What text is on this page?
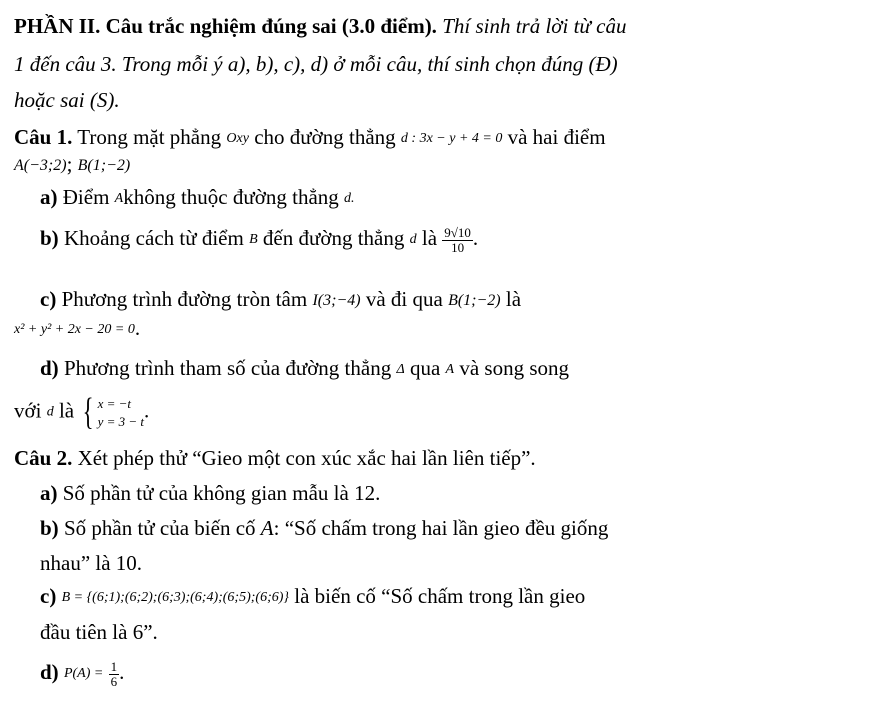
PHẦN II. Câu trắc nghiệm đúng sai (3.0 điểm). Thí sinh trả lời từ câu
1 đến câu 3. Trong mỗi ý a), b), c), d) ở mỗi câu, thí sinh chọn đúng (Đ)
hoặc sai (S).
Câu 1. Trong mặt phẳng Oxy cho đường thẳng d : 3x − y + 4 = 0 và hai điểm
A(−3;2); B(1;−2)
a) Điểm Akhông thuộc đường thẳng d.
b) Khoảng cách từ điểm B đến đường thẳng d là $\frac{9√10}{10}$ .
c) Phương trình đường tròn tâm I(3;−4) và đi qua B(1;−2) là
x² + y² + 2x − 20 = 0.
d) Phương trình tham số của đường thẳng Δ qua A và song song
với d là { x = −t
y = 3 − t .
Câu 2. Xét phép thử “Gieo một con xúc xắc hai lần liên tiếp”.
a) Số phần tử của không gian mẫu là 12.
b) Số phần tử của biến cố A: “Số chấm trong hai lần gieo đều giống
nhau” là 10.
c) B = {(6;1);(6;2);(6;3);(6;4);(6;5);(6;6)} là biến cố “Số chấm trong lần gieo
đầu tiên là 6”.
d) $P(A) = \frac{1}{6}$ .
